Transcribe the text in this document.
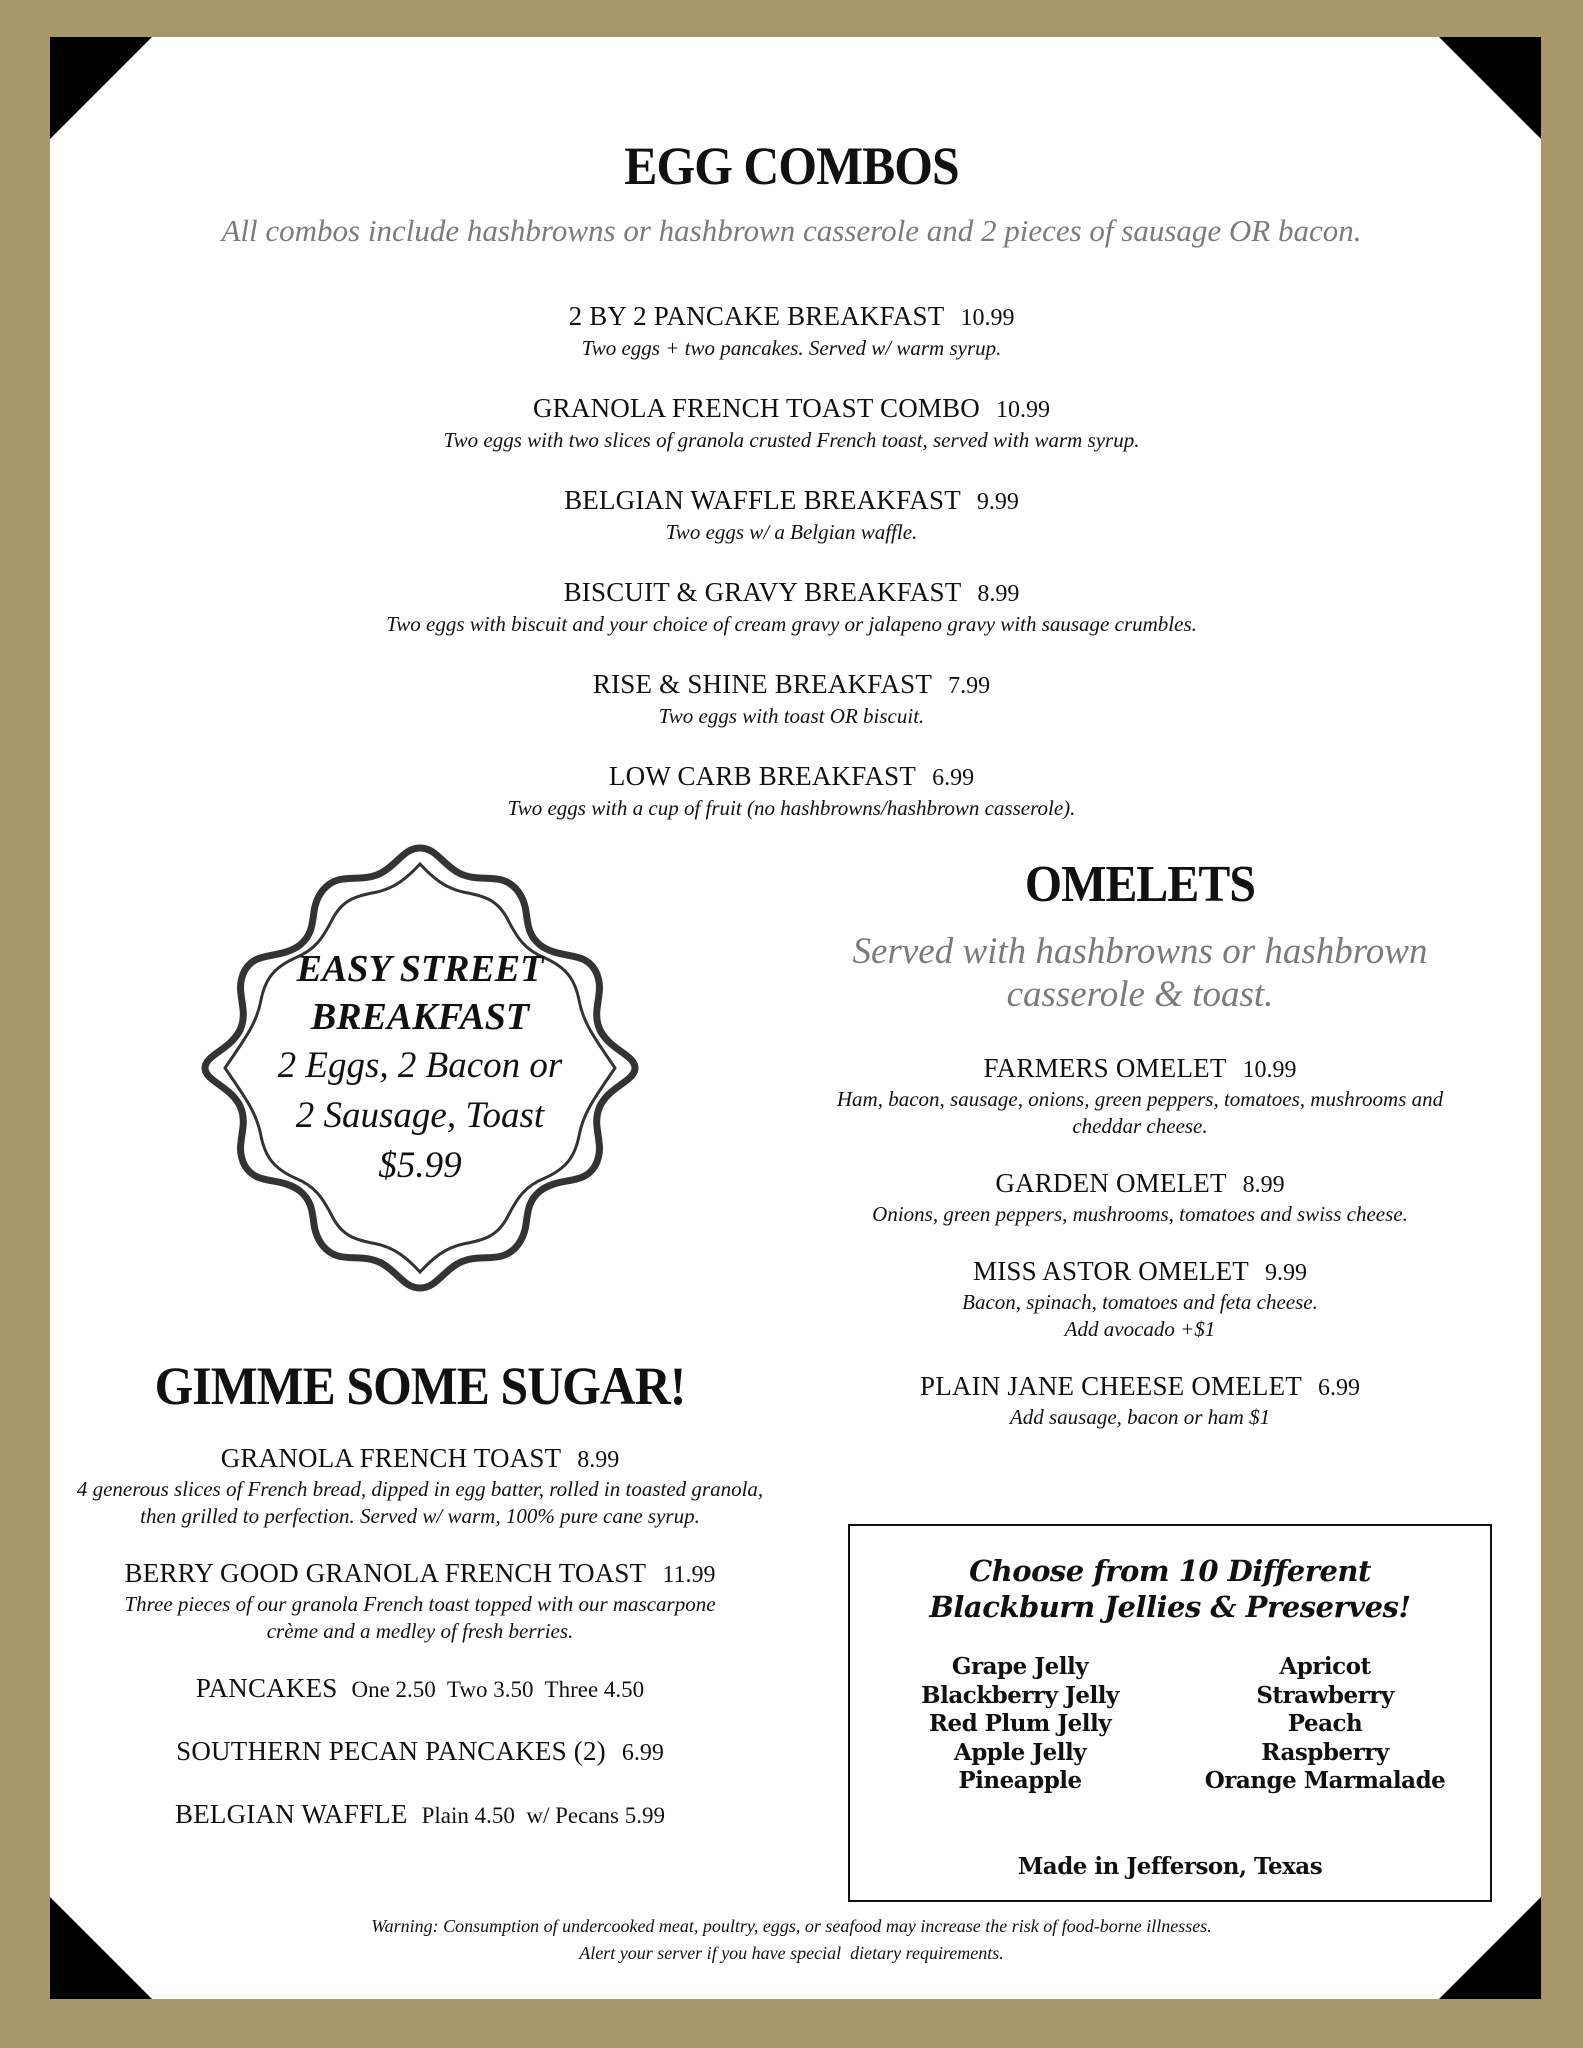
EGG COMBOS
All combos include hashbrowns or hashbrown casserole and 2 pieces of sausage OR bacon.
2 BY 2 PANCAKE BREAKFAST 10.99
Two eggs + two pancakes. Served w/ warm syrup.
GRANOLA FRENCH TOAST COMBO 10.99
Two eggs with two slices of granola crusted French toast, served with warm syrup.
BELGIAN WAFFLE BREAKFAST 9.99
Two eggs w/ a Belgian waffle.
BISCUIT & GRAVY BREAKFAST 8.99
Two eggs with biscuit and your choice of cream gravy or jalapeno gravy with sausage crumbles.
RISE & SHINE BREAKFAST 7.99
Two eggs with toast OR biscuit.
LOW CARB BREAKFAST 6.99
Two eggs with a cup of fruit (no hashbrowns/hashbrown casserole).
EASY STREET
BREAKFAST
2 Eggs, 2 Bacon or
2 Sausage, Toast
$5.99
OMELETS
Served with hashbrowns or hashbrown casserole & toast.
FARMERS OMELET 10.99
Ham, bacon, sausage, onions, green peppers, tomatoes, mushrooms and cheddar cheese.
GARDEN OMELET 8.99
Onions, green peppers, mushrooms, tomatoes and swiss cheese.
MISS ASTOR OMELET 9.99
Bacon, spinach, tomatoes and feta cheese.
Add avocado +$1
PLAIN JANE CHEESE OMELET 6.99
Add sausage, bacon or ham $1
GIMME SOME SUGAR!
GRANOLA FRENCH TOAST 8.99
4 generous slices of French bread, dipped in egg batter, rolled in toasted granola, then grilled to perfection. Served w/ warm, 100% pure cane syrup.
BERRY GOOD GRANOLA FRENCH TOAST 11.99
Three pieces of our granola French toast topped with our mascarpone crème and a medley of fresh berries.
PANCAKES One 2.50  Two 3.50  Three 4.50
SOUTHERN PECAN PANCAKES (2) 6.99
BELGIAN WAFFLE Plain 4.50  w/ Pecans 5.99
Choose from 10 Different
Blackburn Jellies & Preserves!
Grape Jelly
Blackberry Jelly
Red Plum Jelly
Apple Jelly
Pineapple
Apricot
Strawberry
Peach
Raspberry
Orange Marmalade
Made in Jefferson, Texas
Warning: Consumption of undercooked meat, poultry, eggs, or seafood may increase the risk of food-borne illnesses.
Alert your server if you have special  dietary requirements.
